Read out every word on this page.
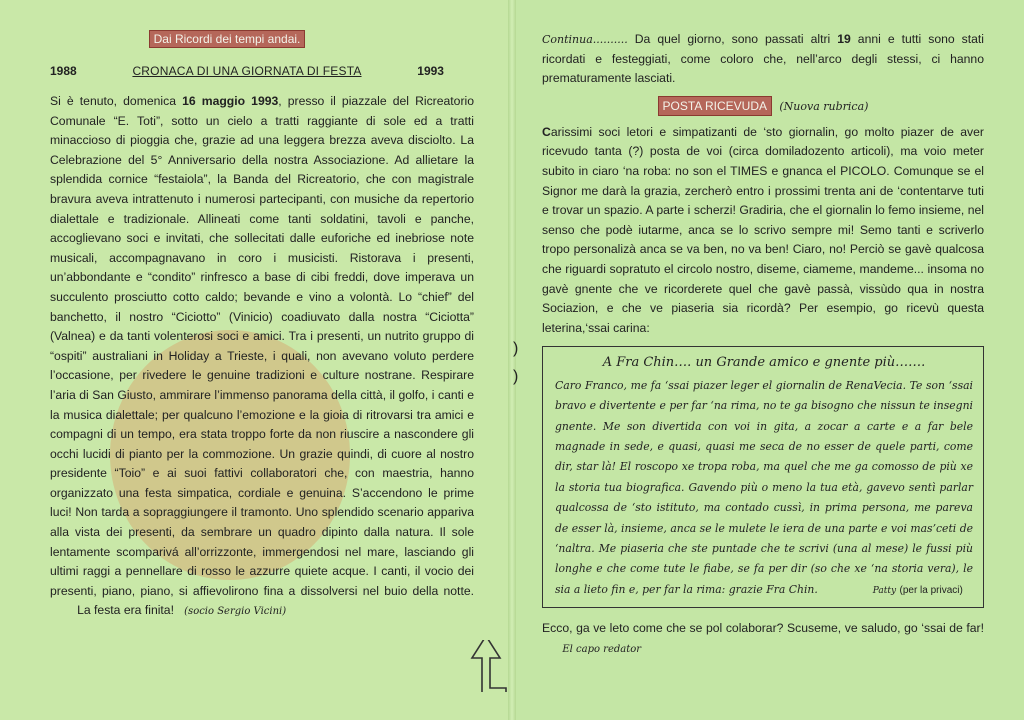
Dai Ricordi dei tempi andai.
1988	CRONACA DI UNA GIORNATA DI FESTA	1993

Si è tenuto, domenica 16 maggio 1993, presso il piazzale del Ricreatorio Comunale “E. Toti”, sotto un cielo a tratti raggiante di sole ed a tratti minaccioso di pioggia che, grazie ad una leggera brezza aveva disciolto. La Celebrazione del 5° Anniversario della nostra Associazione. Ad allietare la splendida cornice “festaiola”, la Banda del Ricreatorio, che con magistrale bravura aveva intrattenuto i numerosi partecipanti, con musiche da repertorio dialettale e tradizionale. Allineati come tanti soldatini, tavoli e panche, accoglievano soci e invitati, che sollecitati dalle euforiche ed inebriose note musicali, accompagnavano in coro i musicisti. Ristorava i presenti, un’abbondante e “condito” rinfresco a base di cibi freddi, dove imperava un succulento prosciutto cotto caldo; bevande e vino a volontà. Lo “chief” del banchetto, il nostro “Ciciotto” (Vinicio) coadiuvato dalla nostra “Ciciotta” (Valnea) e da tanti volenterosi soci e amici. Tra i presenti, un nutrito gruppo di “ospiti” australiani in Holiday a Trieste, i quali, non avevano voluto perdere l’occasione, per rivedere le genuine tradizioni e culture nostrane. Respirare l’aria di San Giusto, ammirare l’immenso panorama della città, il golfo, i canti e la musica dialettale; per qualcuno l’emozione e la gioia di ritrovarsi tra amici e compagni di un tempo, era stata troppo forte da non riuscire a nascondere gli occhi lucidi di pianto per la commozione. Un grazie quindi, di cuore al nostro presidente “Toio” e ai suoi fattivi collaboratori che, con maestria, hanno organizzato una festa simpatica, cordiale e genuina. S’accendono le prime luci! Non tarda a sopraggiungere il tramonto. Uno splendido scenario appariva alla vista dei presenti, da sembrare un quadro dipinto dalla natura. Il sole lentamente scomparivá all’orrizzonte, immergendosi nel mare, lasciando gli ultimi raggi a pennellare di rosso le azzurre quiete acque. I canti, il vocio dei presenti, piano, piano, si affievolirono fina a dissolversi nel buio della notte.         La festa era finita! (socio Sergio Vicini)

Continua.......... Da quel giorno, sono passati altri 19 anni e tutti sono stati ricordati e festeggiati, come coloro che, nell’arco degli stessi, ci hanno prematuramente lasciati.

POSTA RICEVUDA (Nuova rubrica)

Carissimi soci letori e simpatizanti de ‘sto giornalin, go molto piazer de aver ricevudo tanta (?) posta de voi (circa domiladozento articoli), ma voio meter subito in ciaro ‘na roba: no son el TIMES e gnanca el PICOLO. Comunque se el Signor me darà la grazia, zercherò entro i prossimi trenta ani de ‘contentarve tuti e trovar un spazio. A parte i scherzi! Gradiria, che el giornalin lo femo insieme, nel senso che podè iutarme, anca se lo scrivo sempre mi! Semo tanti e scriverlo tropo personalizà anca se va ben, no va ben! Ciaro, no! Perciò se gavè qualcosa che riguardi sopratuto el circolo nostro, diseme, ciameme, mandeme... insoma no gavè gnente che ve ricorderete quel che gavè passà, vissùdo qua in nostra Sociazion, e che ve piaseria sia ricordà? Per esempio, go ricevù questa leterina,‘ssai carina:

A Fra Chin…. un Grande amico e gnente più…….
Caro Franco, me fa ‘ssai piazer leger el giornalin de RenaVecia. Te son ‘ssai bravo e divertente e per far ‘na rima, no te ga bisogno che nissun te insegni gnente. Me son divertida con voi in gita, a zocar a carte e a far bele magnade in sede, e quasi, quasi me seca de no esser de quele parti, come dir, star là! El roscopo xe tropa roba, ma quel che me ga comosso de più xe la storia tua biografica. Gavendo più o meno la tua età, gavevo sentì parlar qualcossa de ‘sto istituto, ma contado cussì, in prima persona, me pareva de esser là, insieme, anca se le mulete le iera de una parte e voi mas’ceti de ‘naltra. Me piaseria che ste puntade che te scrivi (una al mese) le fussi più longhe e che come tute le fiabe, se fa per dir (so che xe ‘na storia vera), le sia a lieto fin e, per far la rima: grazie Fra Chin.	Patty (per la privaci)
Ecco, ga ve leto come che se pol colaborar? Scuseme, ve saludo, go ‘ssai de far!       El capo redator
)
)
